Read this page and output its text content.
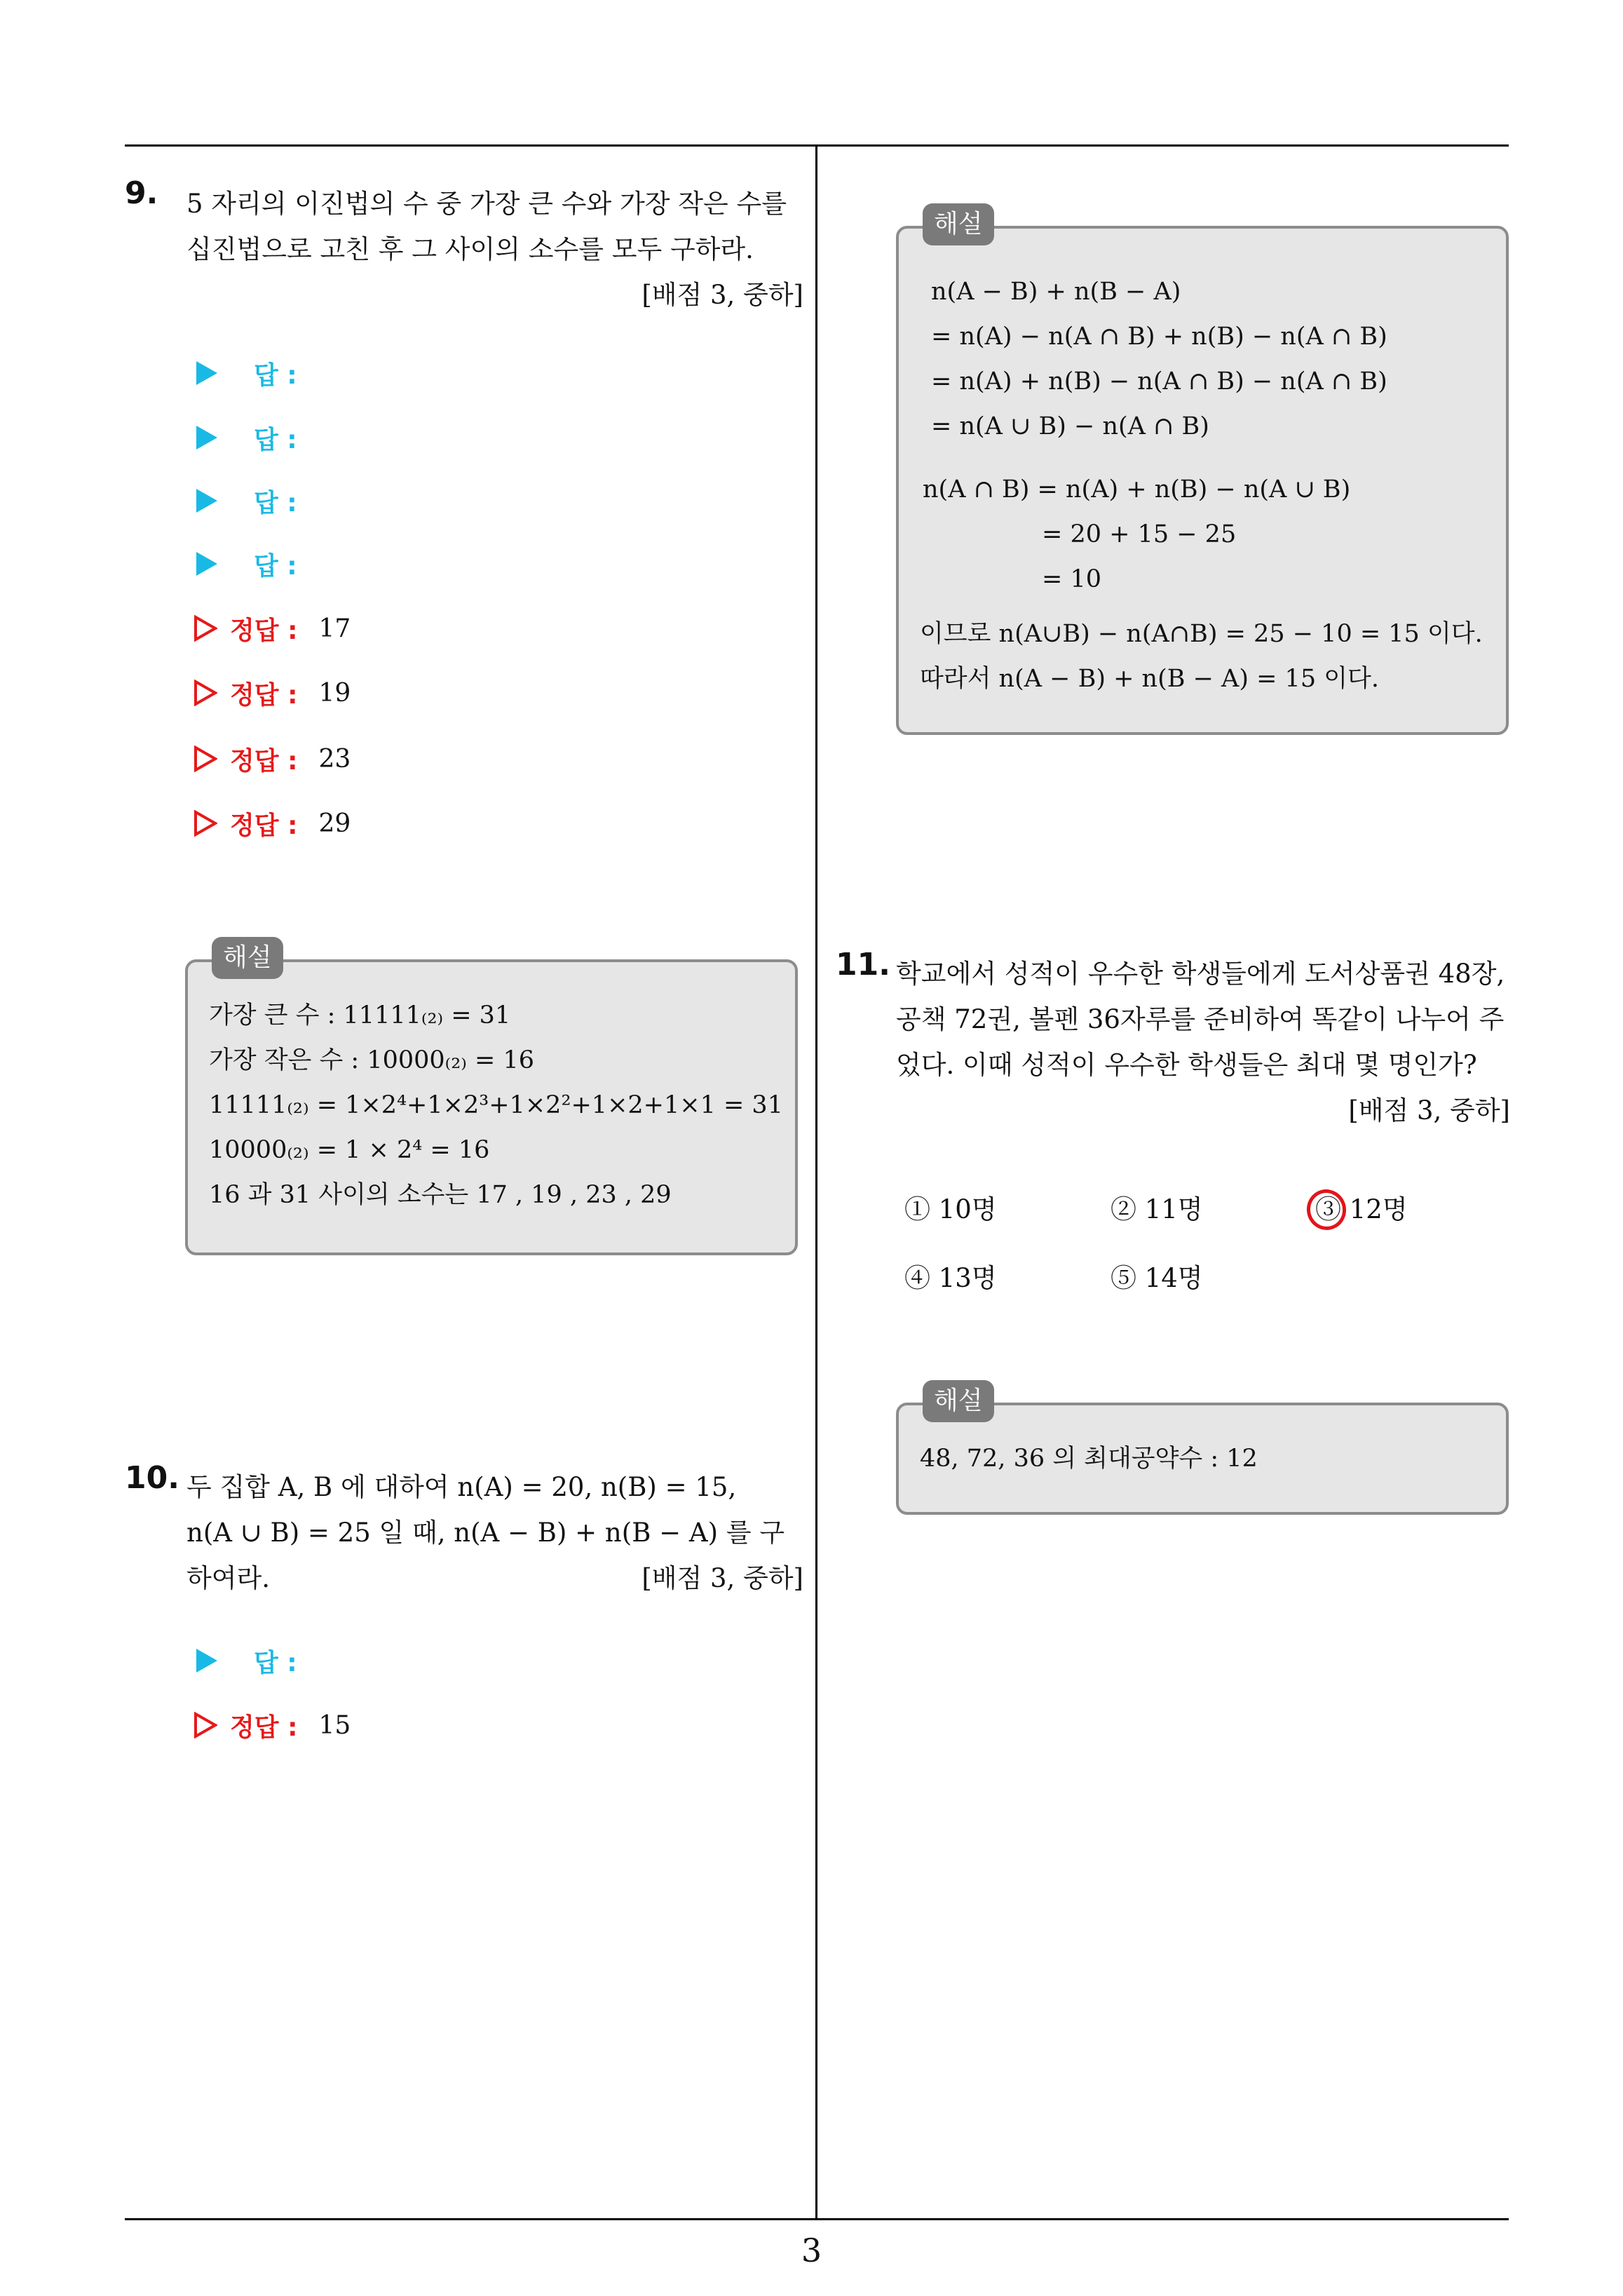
9. 5 자리의 이진법의 수 중 가장 큰 수와 가장 작은 수를
십진법으로 고친 후 그 사이의 소수를 모두 구하라.
[배점 3, 중하]
답 :
답 :
답 :
답 :
정답 : 17
정답 : 19
정답 : 23
정답 : 29
해설
가장 큰 수 : 11111₍₂₎ = 31
가장 작은 수 : 10000₍₂₎ = 16
11111₍₂₎ = 1×2⁴+1×2³+1×2²+1×2+1×1 = 31
10000₍₂₎ = 1 × 2⁴ = 16
16 과 31 사이의 소수는 17 , 19 , 23 , 29
10. 두 집합 A, B 에 대하여 n(A) = 20, n(B) = 15,
n(A ∪ B) = 25 일 때, n(A − B) + n(B − A) 를 구
하여라.	[배점 3, 중하]
답 :
정답 : 15
해설
n(A − B) + n(B − A)
= n(A) − n(A ∩ B) + n(B) − n(A ∩ B)
= n(A) + n(B) − n(A ∩ B) − n(A ∩ B)
= n(A ∪ B) − n(A ∩ B)
n(A ∩ B) = n(A) + n(B) − n(A ∪ B)
= 20 + 15 − 25
= 10
이므로 n(A∪B) − n(A∩B) = 25 − 10 = 15 이다.
따라서 n(A − B) + n(B − A) = 15 이다.
11. 학교에서 성적이 우수한 학생들에게 도서상품권 48장,
공책 72권, 볼펜 36자루를 준비하여 똑같이 나누어 주
었다. 이때 성적이 우수한 학생들은 최대 몇 명인가?
[배점 3, 중하]
① 10명	② 11명	③ 12명
④ 13명	⑤ 14명
해설
48, 72, 36 의 최대공약수 : 12
3
